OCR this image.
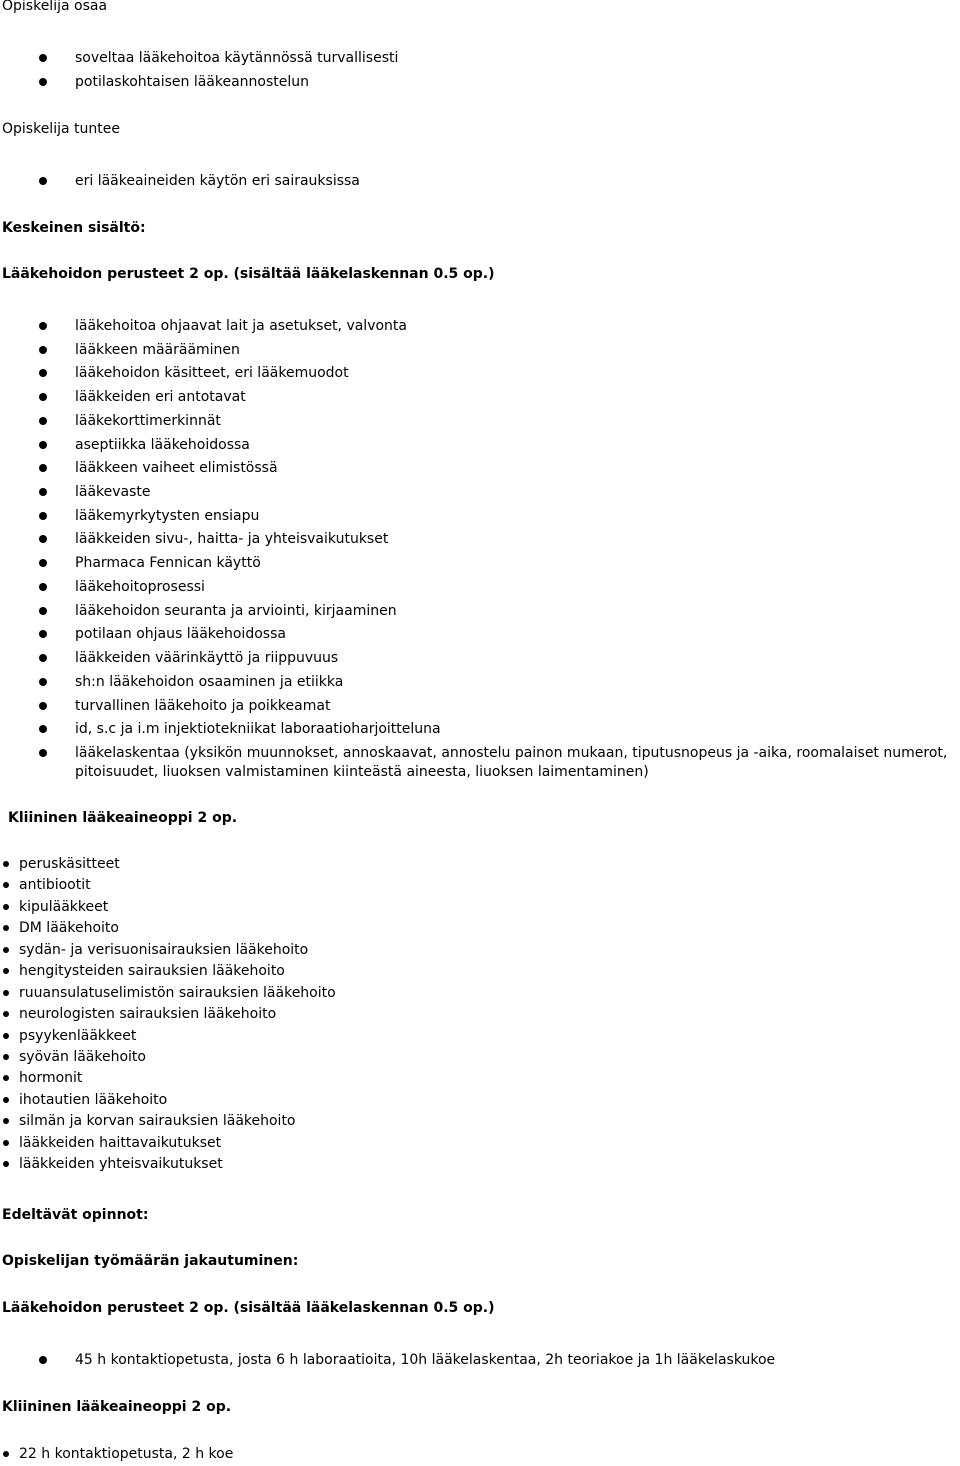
Opiskelija osaa
soveltaa lääkehoitoa käytännössä turvallisesti
potilaskohtaisen lääkeannostelun
Opiskelija tuntee
eri lääkeaineiden käytön eri sairauksissa
Keskeinen sisältö:
Lääkehoidon perusteet 2 op. (sisältää lääkelaskennan 0.5 op.)
lääkehoitoa ohjaavat lait ja asetukset, valvonta
lääkkeen määrääminen
lääkehoidon käsitteet, eri lääkemuodot
lääkkeiden eri antotavat
lääkekorttimerkinnät
aseptiikka lääkehoidossa
lääkkeen vaiheet elimistössä
lääkevaste
lääkemyrkytysten ensiapu
lääkkeiden sivu-, haitta- ja yhteisvaikutukset
Pharmaca Fennican käyttö
lääkehoitoprosessi
lääkehoidon seuranta ja arviointi, kirjaaminen
potilaan ohjaus lääkehoidossa
lääkkeiden väärinkäyttö ja riippuvuus
sh:n lääkehoidon osaaminen ja etiikka
turvallinen lääkehoito ja poikkeamat
id, s.c ja i.m injektiotekniikat laboraatioharjoitteluna
lääkelaskentaa (yksikön muunnokset, annoskaavat, annostelu painon mukaan, tiputusnopeus ja -aika, roomalaiset numerot, pitoisuudet, liuoksen valmistaminen kiinteästä aineesta, liuoksen laimentaminen)
Kliininen lääkeaineoppi 2 op.
peruskäsitteet
antibiootit
kipulääkkeet
DM lääkehoito
sydän- ja verisuonisairauksien lääkehoito
hengitysteiden sairauksien lääkehoito
ruuansulatuselimistön sairauksien lääkehoito
neurologisten sairauksien lääkehoito
psyykenlääkkeet
syövän lääkehoito
hormonit
ihotautien lääkehoito
silmän ja korvan sairauksien lääkehoito
lääkkeiden haittavaikutukset
lääkkeiden yhteisvaikutukset
Edeltävät opinnot:
Opiskelijan työmäärän jakautuminen:
Lääkehoidon perusteet 2 op. (sisältää lääkelaskennan 0.5 op.)
45 h kontaktiopetusta, josta 6 h laboraatioita, 10h lääkelaskentaa, 2h teoriakoe ja 1h lääkelaskukoe
Kliininen lääkeaineoppi 2 op.
22 h kontaktiopetusta, 2 h koe
